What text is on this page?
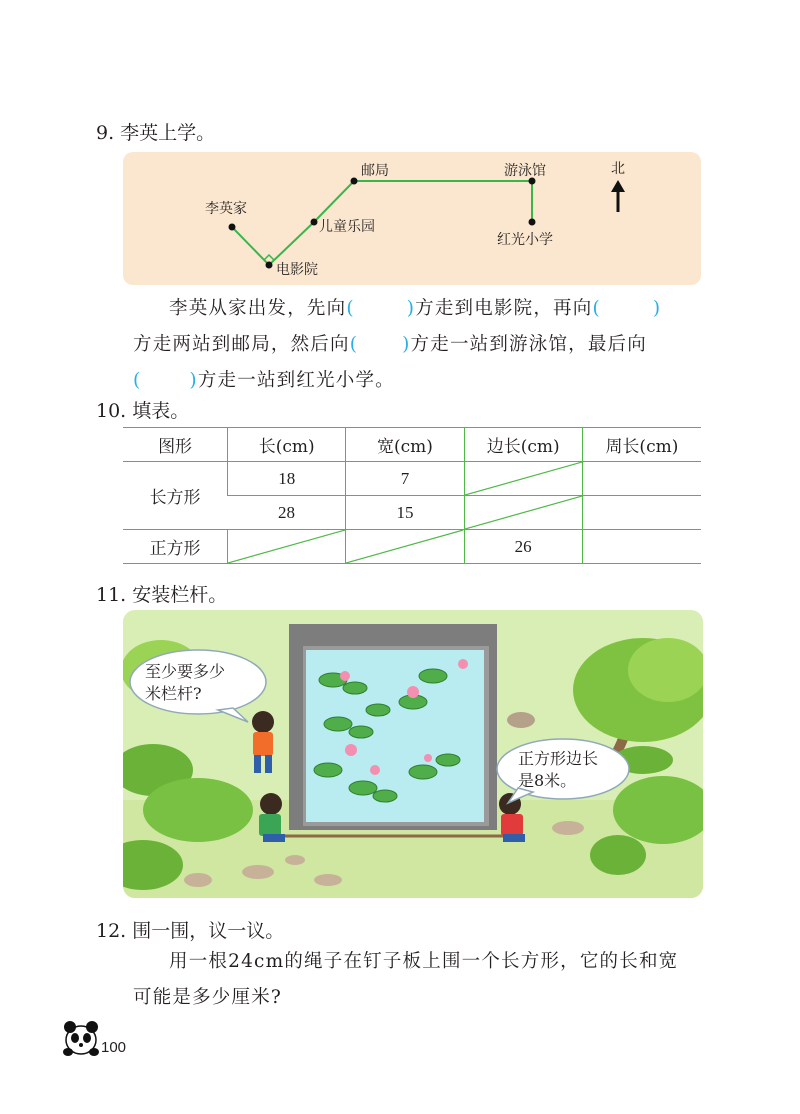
9. 李英上学。
李英家
电影院
儿童乐园
邮局	游泳馆
红光小学
北
李英从家出发，先向(	)方走到电影院，再向(	)
方走两站到邮局，然后向( )方走一站到游泳馆，最后向
(	)方走一站到红光小学。
10. 填表。
图形	长(cm)	宽(cm)	边长(cm)	周长(cm)
长方形	18	7	

	28	15	

正方形			26	
11. 安装栏杆。
至少要多少
米栏杆?
正方形边长
是8米。
12. 围一围，议一议。
用一根24cm的绳子在钉子板上围一个长方形，它的长和宽
可能是多少厘米?
100
